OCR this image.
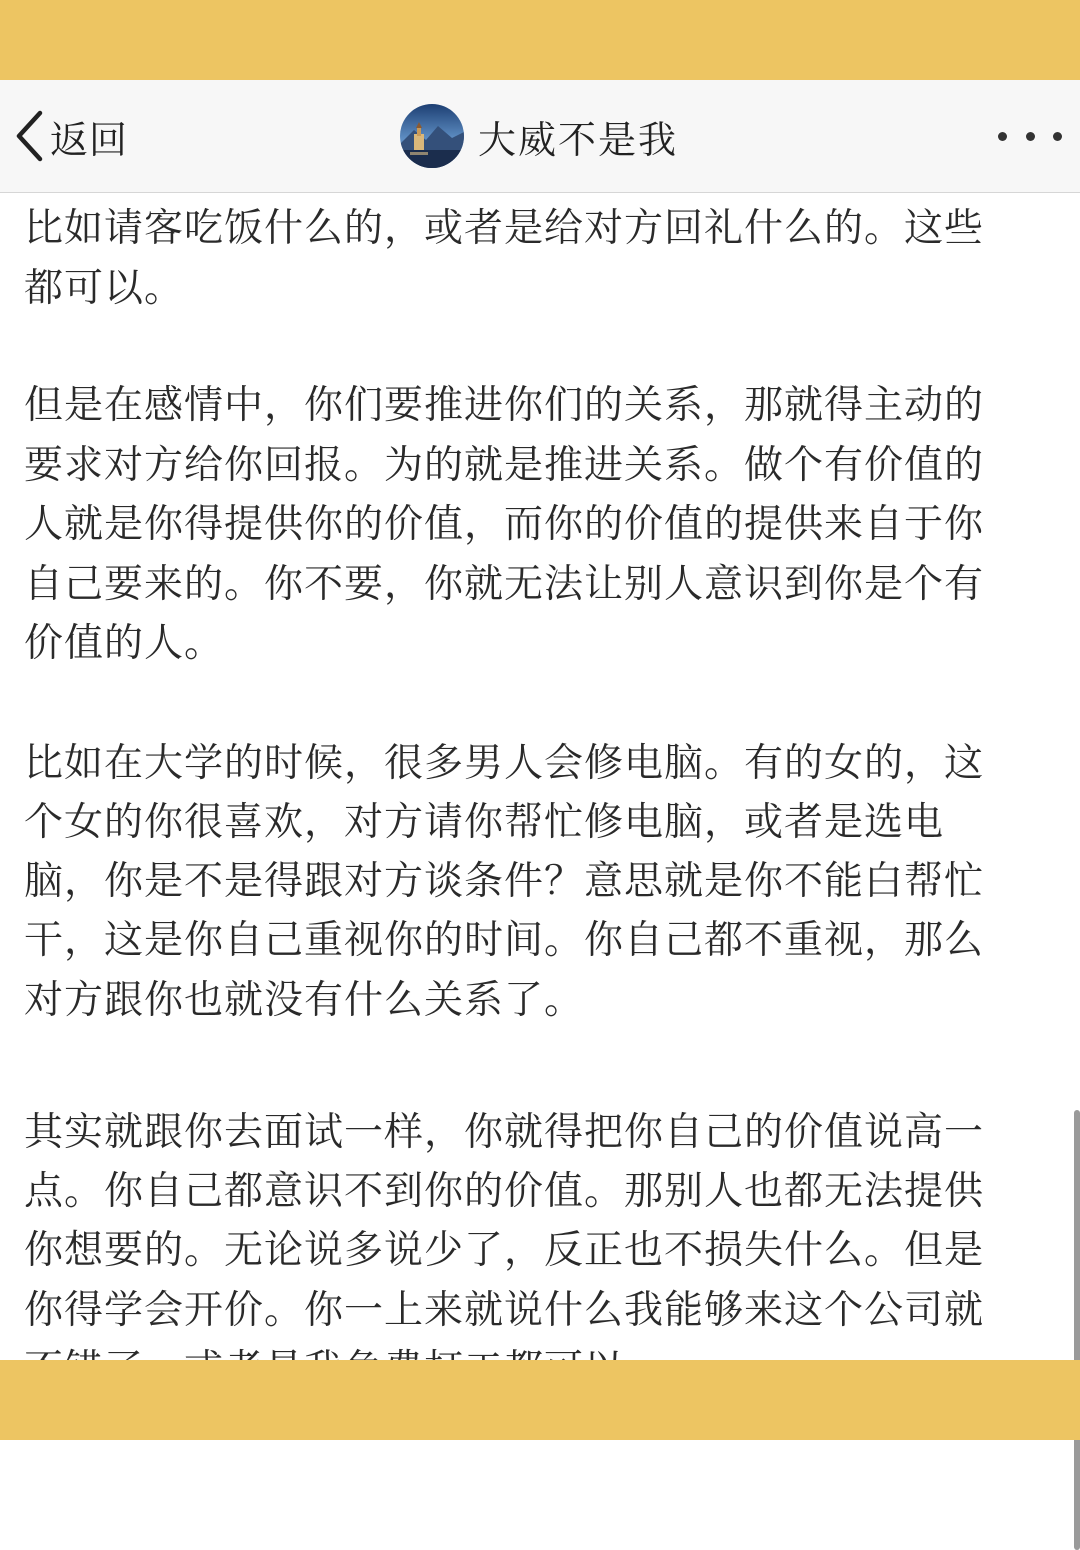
返回	大威不是我

比如请客吃饭什么的，或者是给对方回礼什么的。这些

都可以。

但是在感情中，你们要推进你们的关系，那就得主动的

要求对方给你回报。为的就是推进关系。做个有价值的

人就是你得提供你的价值，而你的价值的提供来自于你

自己要来的。你不要，你就无法让别人意识到你是个有

价值的人。

比如在大学的时候，很多男人会修电脑。有的女的，这

个女的你很喜欢，对方请你帮忙修电脑，或者是选电

脑，你是不是得跟对方谈条件？意思就是你不能白帮忙

干，这是你自己重视你的时间。你自己都不重视，那么

对方跟你也就没有什么关系了。

其实就跟你去面试一样，你就得把你自己的价值说高一

点。你自己都意识不到你的价值。那别人也都无法提供

你想要的。无论说多说少了，反正也不损失什么。但是

你得学会开价。你一上来就说什么我能够来这个公司就
